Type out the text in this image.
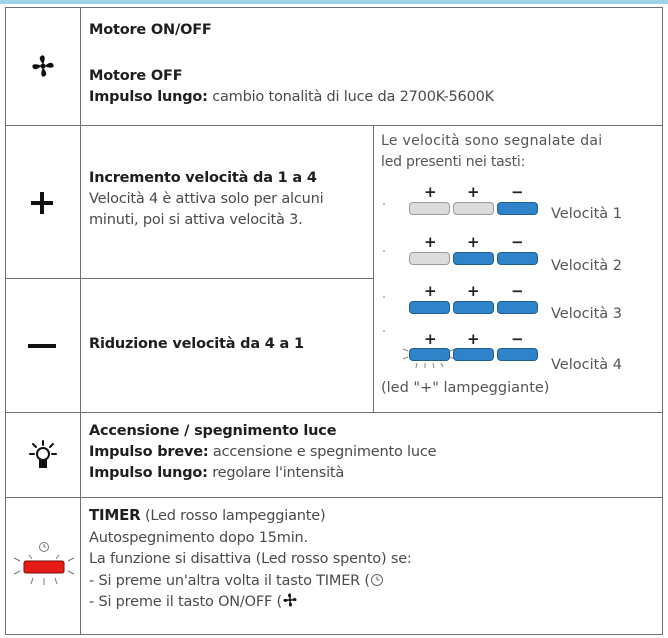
Motore ON/OFF
Motore OFF
Impulso lungo: cambio tonalità di luce da 2700K-5600K
Incremento velocità da 1 a 4
Velocità 4 è attiva solo per alcuni
minuti, poi si attiva velocità 3.
Riduzione velocità da 4 a 1
Le velocità sono segnalate dai
led presenti nei tasti:
+ + −
Velocità 1
+ + −
Velocità 2
+ + −
Velocità 3
+ + −
Velocità 4
(led "+" lampeggiante)
Accensione / spegnimento luce
Impulso breve: accensione e spegnimento luce
Impulso lungo: regolare l'intensità
TIMER (Led rosso lampeggiante)
Autospegnimento dopo 15min.
La funzione si disattiva (Led rosso spento) se:
- Si preme un'altra volta il tasto TIMER (
- Si preme il tasto ON/OFF (
